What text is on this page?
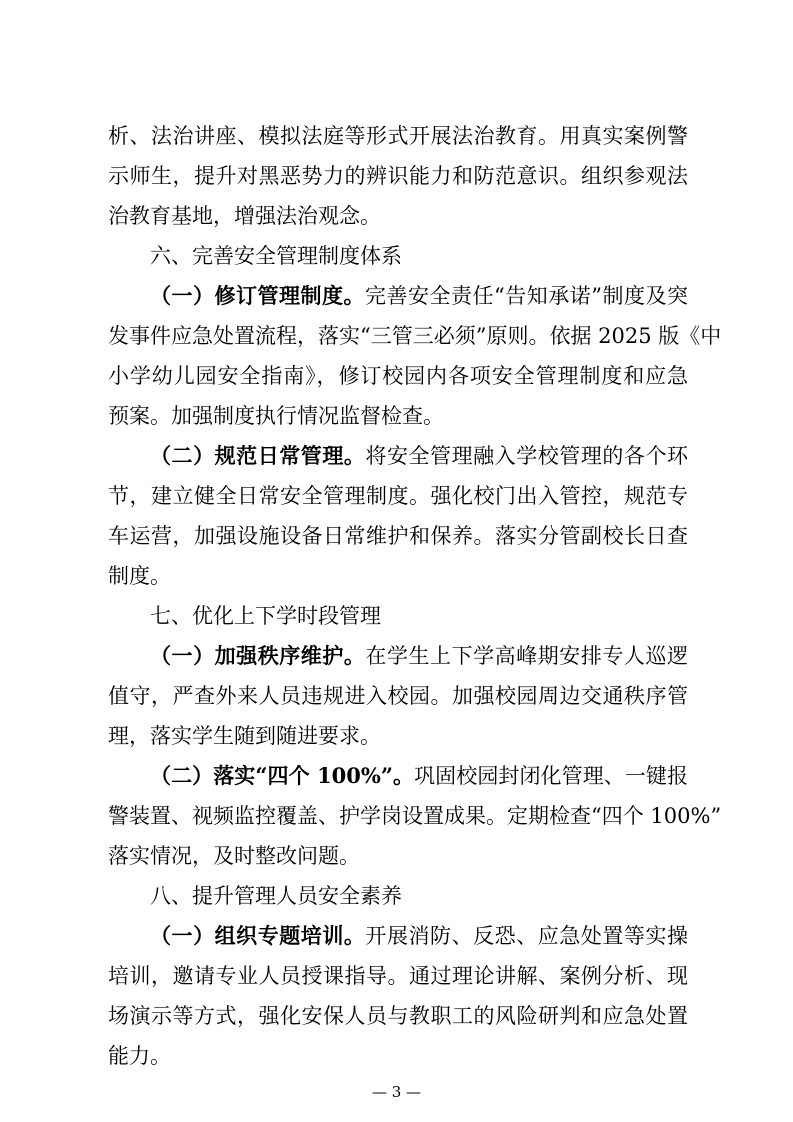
析、法治讲座、模拟法庭等形式开展法治教育。用真实案例警
示师生，提升对黑恶势力的辨识能力和防范意识。组织参观法
治教育基地，增强法治观念。
六、完善安全管理制度体系
（一）修订管理制度。完善安全责任“告知承诺”制度及突
发事件应急处置流程，落实“三管三必须”原则。依据 2025 版《中
小学幼儿园安全指南》，修订校园内各项安全管理制度和应急
预案。加强制度执行情况监督检查。
（二）规范日常管理。将安全管理融入学校管理的各个环
节，建立健全日常安全管理制度。强化校门出入管控，规范专
车运营，加强设施设备日常维护和保养。落实分管副校长日查
制度。
七、优化上下学时段管理
（一）加强秩序维护。在学生上下学高峰期安排专人巡逻
值守，严查外来人员违规进入校园。加强校园周边交通秩序管
理，落实学生随到随进要求。
（二）落实“四个 100%”。巩固校园封闭化管理、一键报
警装置、视频监控覆盖、护学岗设置成果。定期检查“四个 100%”
落实情况，及时整改问题。
八、提升管理人员安全素养
（一）组织专题培训。开展消防、反恐、应急处置等实操
培训，邀请专业人员授课指导。通过理论讲解、案例分析、现
场演示等方式，强化安保人员与教职工的风险研判和应急处置
能力。
— 3 —
